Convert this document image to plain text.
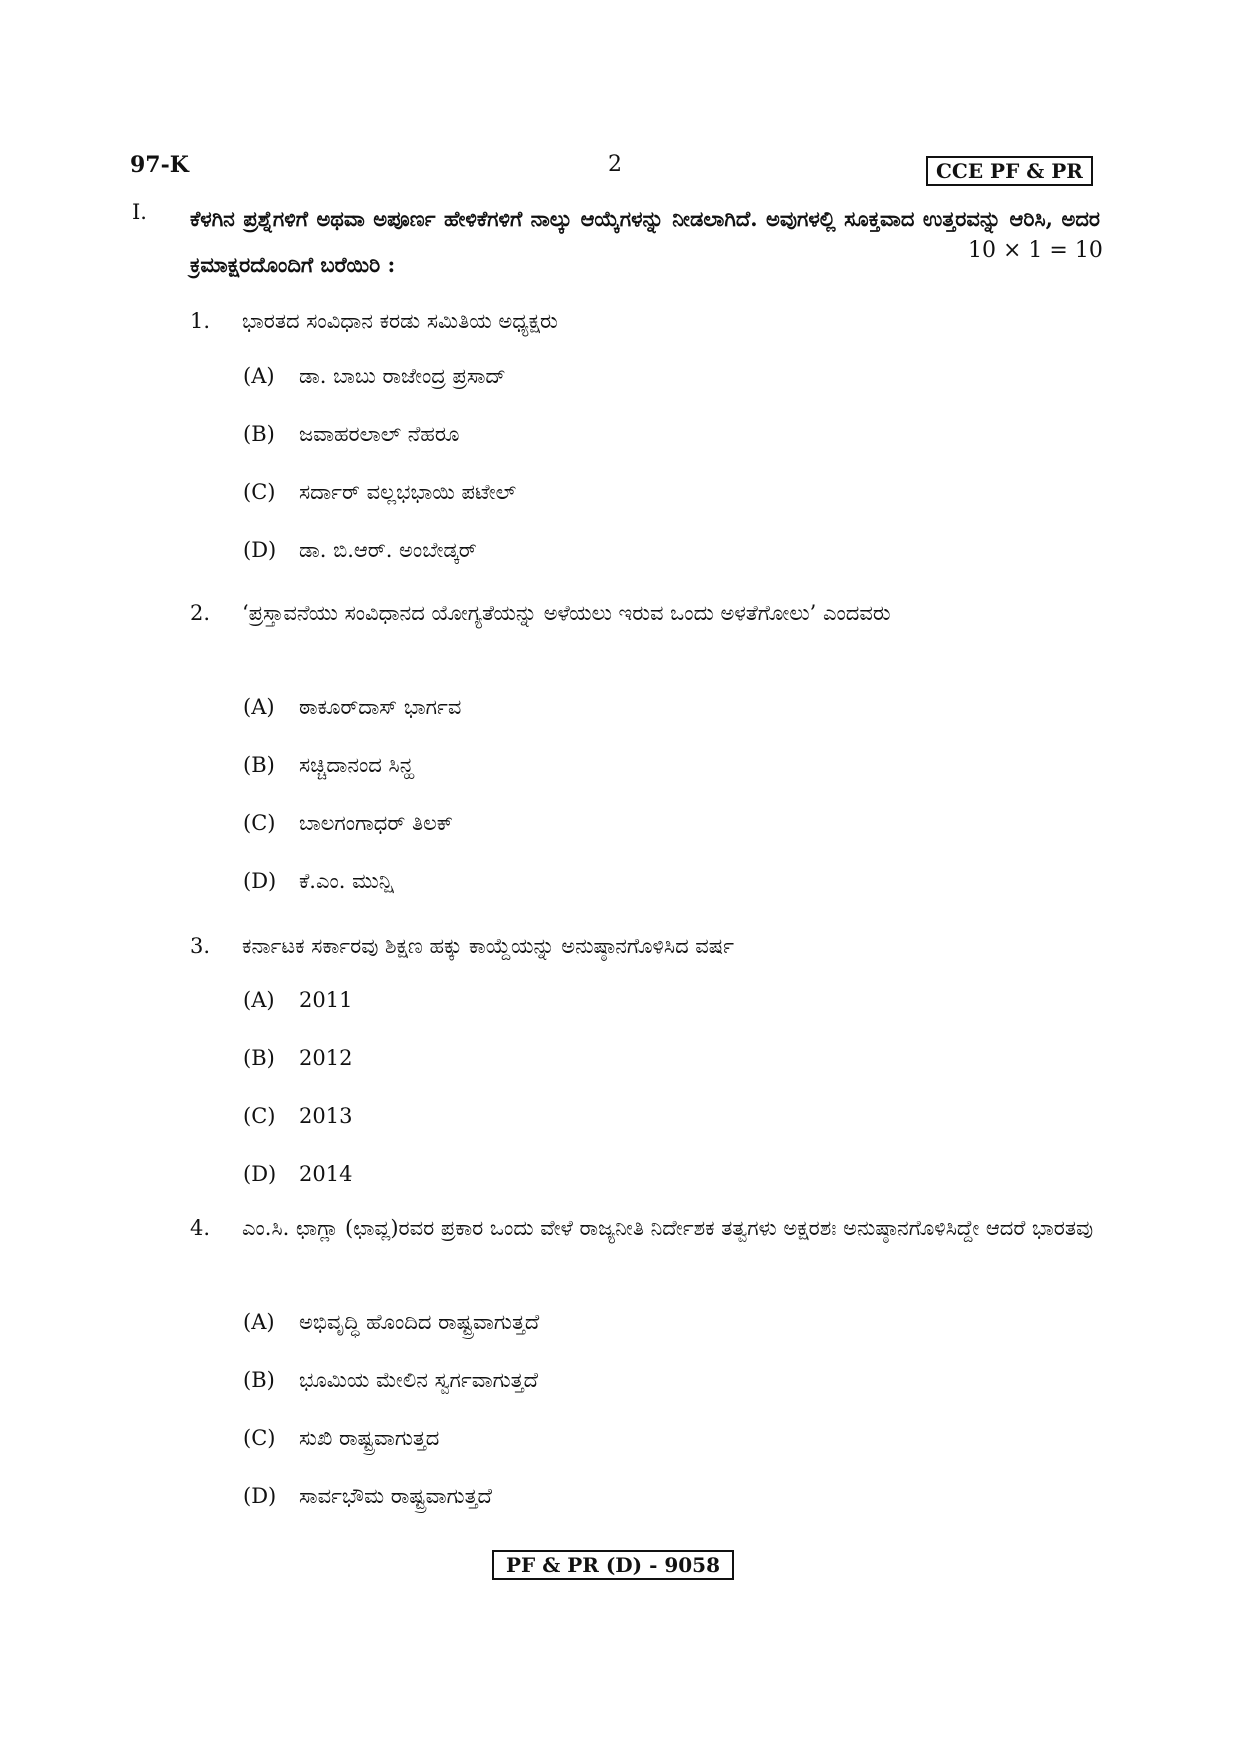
97-K	2	CCE PF & PR
I. ಕೆಳಗಿನ ಪ್ರಶ್ನೆಗಳಿಗೆ ಅಥವಾ ಅಪೂರ್ಣ ಹೇಳಿಕೆಗಳಿಗೆ ನಾಲ್ಕು ಆಯ್ಕೆಗಳನ್ನು ನೀಡಲಾಗಿದೆ. ಅವುಗಳಲ್ಲಿ ಸೂಕ್ತವಾದ ಉತ್ತರವನ್ನು ಆರಿಸಿ, ಅದರ ಕ್ರಮಾಕ್ಷರದೊಂದಿಗೆ ಬರೆಯಿರಿ :
10 × 1 = 10
1.	ಭಾರತದ ಸಂವಿಧಾನ ಕರಡು ಸಮಿತಿಯ ಅಧ್ಯಕ್ಷರು
(A) ಡಾ. ಬಾಬು ರಾಜೇಂದ್ರ ಪ್ರಸಾದ್
(B) ಜವಾಹರಲಾಲ್ ನೆಹರೂ
(C) ಸರ್ದಾರ್ ವಲ್ಲಭಭಾಯಿ ಪಟೇಲ್
(D) ಡಾ. ಬಿ.ಆರ್. ಅಂಬೇಡ್ಕರ್
2.	‘ಪ್ರಸ್ತಾವನೆಯು ಸಂವಿಧಾನದ ಯೋಗ್ಯತೆಯನ್ನು ಅಳೆಯಲು ಇರುವ ಒಂದು ಅಳತೆಗೋಲು’ ಎಂದವರು
(A) ಠಾಕೂರ್‌ದಾಸ್ ಭಾರ್ಗವ
(B) ಸಚ್ಚಿದಾನಂದ ಸಿನ್ಹ
(C) ಬಾಲಗಂಗಾಧರ್ ತಿಲಕ್
(D) ಕೆ.ಎಂ. ಮುನ್ಷಿ
3.	ಕರ್ನಾಟಕ ಸರ್ಕಾರವು ಶಿಕ್ಷಣ ಹಕ್ಕು ಕಾಯ್ದೆಯನ್ನು ಅನುಷ್ಠಾನಗೊಳಿಸಿದ ವರ್ಷ
(A) 2011
(B) 2012
(C) 2013
(D) 2014
4.	ಎಂ.ಸಿ. ಛಾಗ್ಲಾ (ಛಾವ್ಲ)ರವರ ಪ್ರಕಾರ ಒಂದು ವೇಳೆ ರಾಜ್ಯನೀತಿ ನಿರ್ದೇಶಕ ತತ್ವಗಳು ಅಕ್ಷರಶಃ ಅನುಷ್ಠಾನಗೊಳಿಸಿದ್ದೇ ಆದರೆ ಭಾರತವು
(A) ಅಭಿವೃದ್ಧಿ ಹೊಂದಿದ ರಾಷ್ಟ್ರವಾಗುತ್ತದೆ
(B) ಭೂಮಿಯ ಮೇಲಿನ ಸ್ವರ್ಗವಾಗುತ್ತದೆ
(C) ಸುಖಿ ರಾಷ್ಟ್ರವಾಗುತ್ತದ
(D) ಸಾರ್ವಭೌಮ ರಾಷ್ಟ್ರವಾಗುತ್ತದೆ
PF & PR (D) - 9058
